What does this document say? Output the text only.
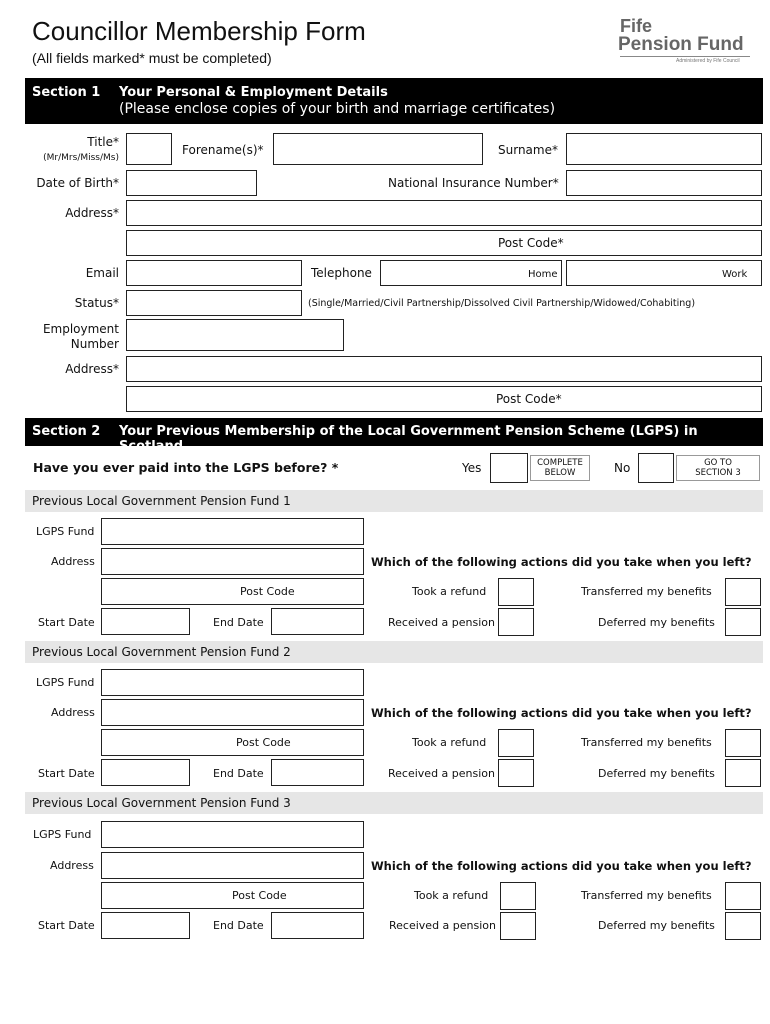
Councillor Membership Form
(All fields marked* must be completed)
Fife
Pension Fund
Administered by Fife Council
Section 1 Your Personal & Employment Details
(Please enclose copies of your birth and marriage certificates)
Title*
(Mr/Mrs/Miss/Ms)
Forename(s)*	Surname*
Date of Birth*	National Insurance Number*
Address*
Post Code*
Email	Telephone	Home	Work
Status*	(Single/Married/Civil Partnership/Dissolved Civil Partnership/Widowed/Cohabiting)
Employment
Number
Address*
Post Code*
Section 2 Your Previous Membership of the Local Government Pension Scheme (LGPS) in Scotland
Have you ever paid into the LGPS before? *	Yes	COMPLETE
BELOW	No	GO TO
SECTION 3
Previous Local Government Pension Fund 1
LGPS Fund
Address	Which of the following actions did you take when you left?
Post Code	Took a refund	Transferred my benefits
Start Date	End Date	Received a pension	Deferred my benefits
Previous Local Government Pension Fund 2
LGPS Fund
Address	Which of the following actions did you take when you left?
Post Code	Took a refund	Transferred my benefits
Start Date	End Date	Received a pension	Deferred my benefits
Previous Local Government Pension Fund 3
LGPS Fund
Address	Which of the following actions did you take when you left?
Post Code	Took a refund	Transferred my benefits
Start Date	End Date	Received a pension	Deferred my benefits
